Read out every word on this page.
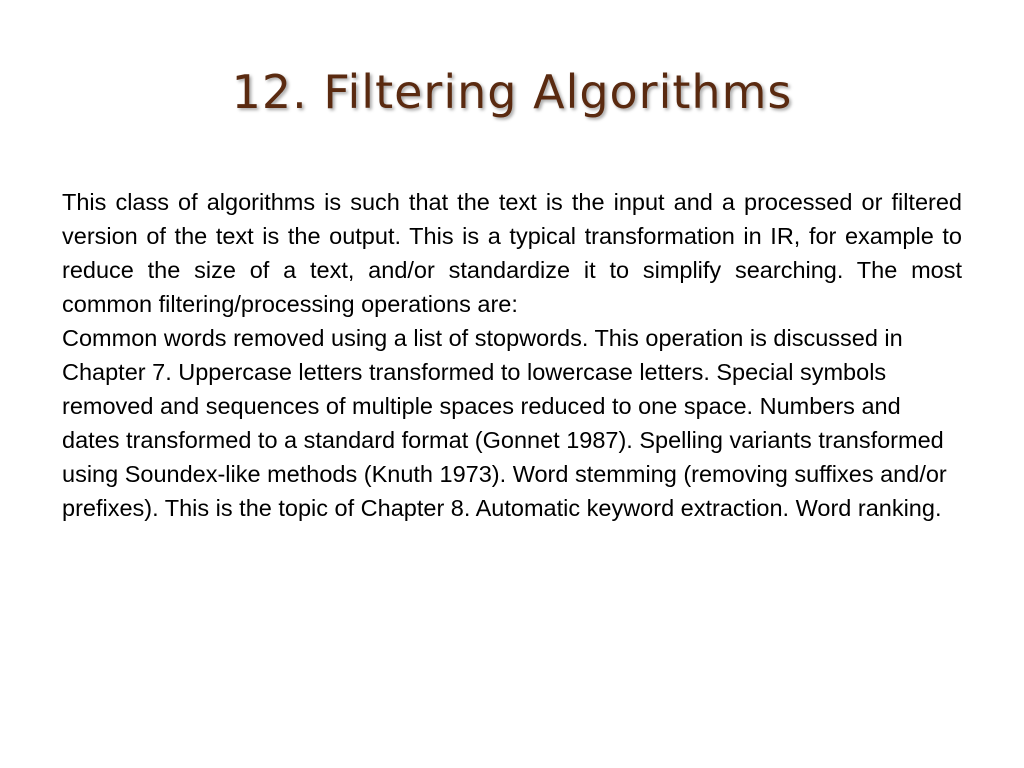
12. Filtering Algorithms

This class of algorithms is such that the text is the input and a processed or filtered version of the text is the output. This is a typical transformation in IR, for example to reduce the size of a text, and/or standardize it to simplify searching. The most common filtering/processing operations are:

Common words removed using a list of stopwords. This operation is discussed in Chapter 7. Uppercase letters transformed to lowercase letters. Special symbols removed and sequences of multiple spaces reduced to one space. Numbers and dates transformed to a standard format (Gonnet 1987). Spelling variants transformed using Soundex-like methods (Knuth 1973). Word stemming (removing suffixes and/or prefixes). This is the topic of Chapter 8. Automatic keyword extraction. Word ranking.
